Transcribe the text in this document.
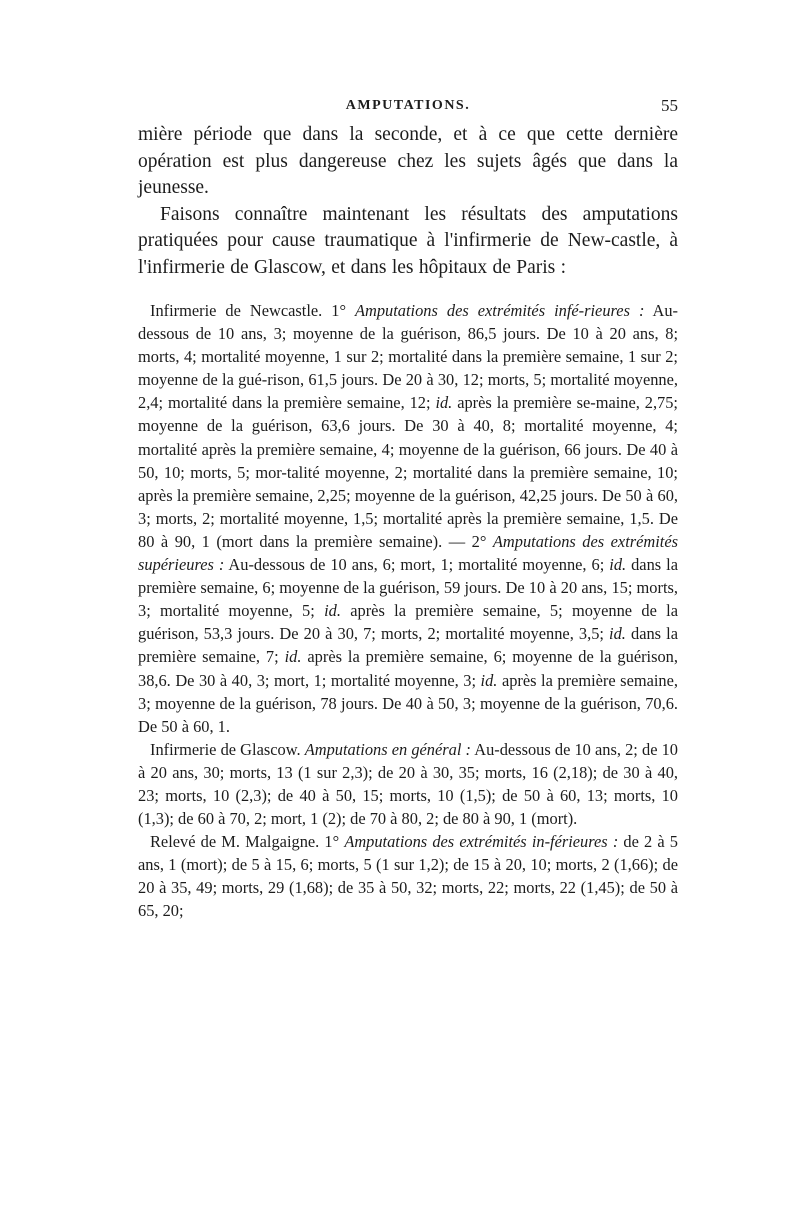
AMPUTATIONS.	55

mière période que dans la seconde, et à ce que cette dernière opération est plus dangereuse chez les sujets âgés que dans la jeunesse.

Faisons connaître maintenant les résultats des amputations pratiquées pour cause traumatique à l'infirmerie de New-castle, à l'infirmerie de Glascow, et dans les hôpitaux de Paris :

Infirmerie de Newcastle. 1° Amputations des extrémités infé-rieures : Au-dessous de 10 ans, 3; moyenne de la guérison, 86,5 jours. De 10 à 20 ans, 8; morts, 4; mortalité moyenne, 1 sur 2; mortalité dans la première semaine, 1 sur 2; moyenne de la gué-rison, 61,5 jours. De 20 à 30, 12; morts, 5; mortalité moyenne, 2,4; mortalité dans la première semaine, 12; id. après la première se-maine, 2,75; moyenne de la guérison, 63,6 jours. De 30 à 40, 8; mortalité moyenne, 4; mortalité après la première semaine, 4; moyenne de la guérison, 66 jours. De 40 à 50, 10; morts, 5; mor-talité moyenne, 2; mortalité dans la première semaine, 10; après la première semaine, 2,25; moyenne de la guérison, 42,25 jours. De 50 à 60, 3; morts, 2; mortalité moyenne, 1,5; mortalité après la première semaine, 1,5. De 80 à 90, 1 (mort dans la première semaine). — 2° Amputations des extrémités supérieures : Au-dessous de 10 ans, 6; mort, 1; mortalité moyenne, 6; id. dans la première semaine, 6; moyenne de la guérison, 59 jours. De 10 à 20 ans, 15; morts, 3; mortalité moyenne, 5; id. après la première semaine, 5; moyenne de la guérison, 53,3 jours. De 20 à 30, 7; morts, 2; mortalité moyenne, 3,5; id. dans la première semaine, 7; id. après la première semaine, 6; moyenne de la guérison, 38,6. De 30 à 40, 3; mort, 1; mortalité moyenne, 3; id. après la première semaine, 3; moyenne de la guérison, 78 jours. De 40 à 50, 3; moyenne de la guérison, 70,6. De 50 à 60, 1.

Infirmerie de Glascow. Amputations en général : Au-dessous de 10 ans, 2; de 10 à 20 ans, 30; morts, 13 (1 sur 2,3); de 20 à 30, 35; morts, 16 (2,18); de 30 à 40, 23; morts, 10 (2,3); de 40 à 50, 15; morts, 10 (1,5); de 50 à 60, 13; morts, 10 (1,3); de 60 à 70, 2; mort, 1 (2); de 70 à 80, 2; de 80 à 90, 1 (mort).

Relevé de M. Malgaigne. 1° Amputations des extrémités in-férieures : de 2 à 5 ans, 1 (mort); de 5 à 15, 6; morts, 5 (1 sur 1,2); de 15 à 20, 10; morts, 2 (1,66); de 20 à 35, 49; morts, 29 (1,68); de 35 à 50, 32; morts, 22; morts, 22 (1,45); de 50 à 65, 20;
